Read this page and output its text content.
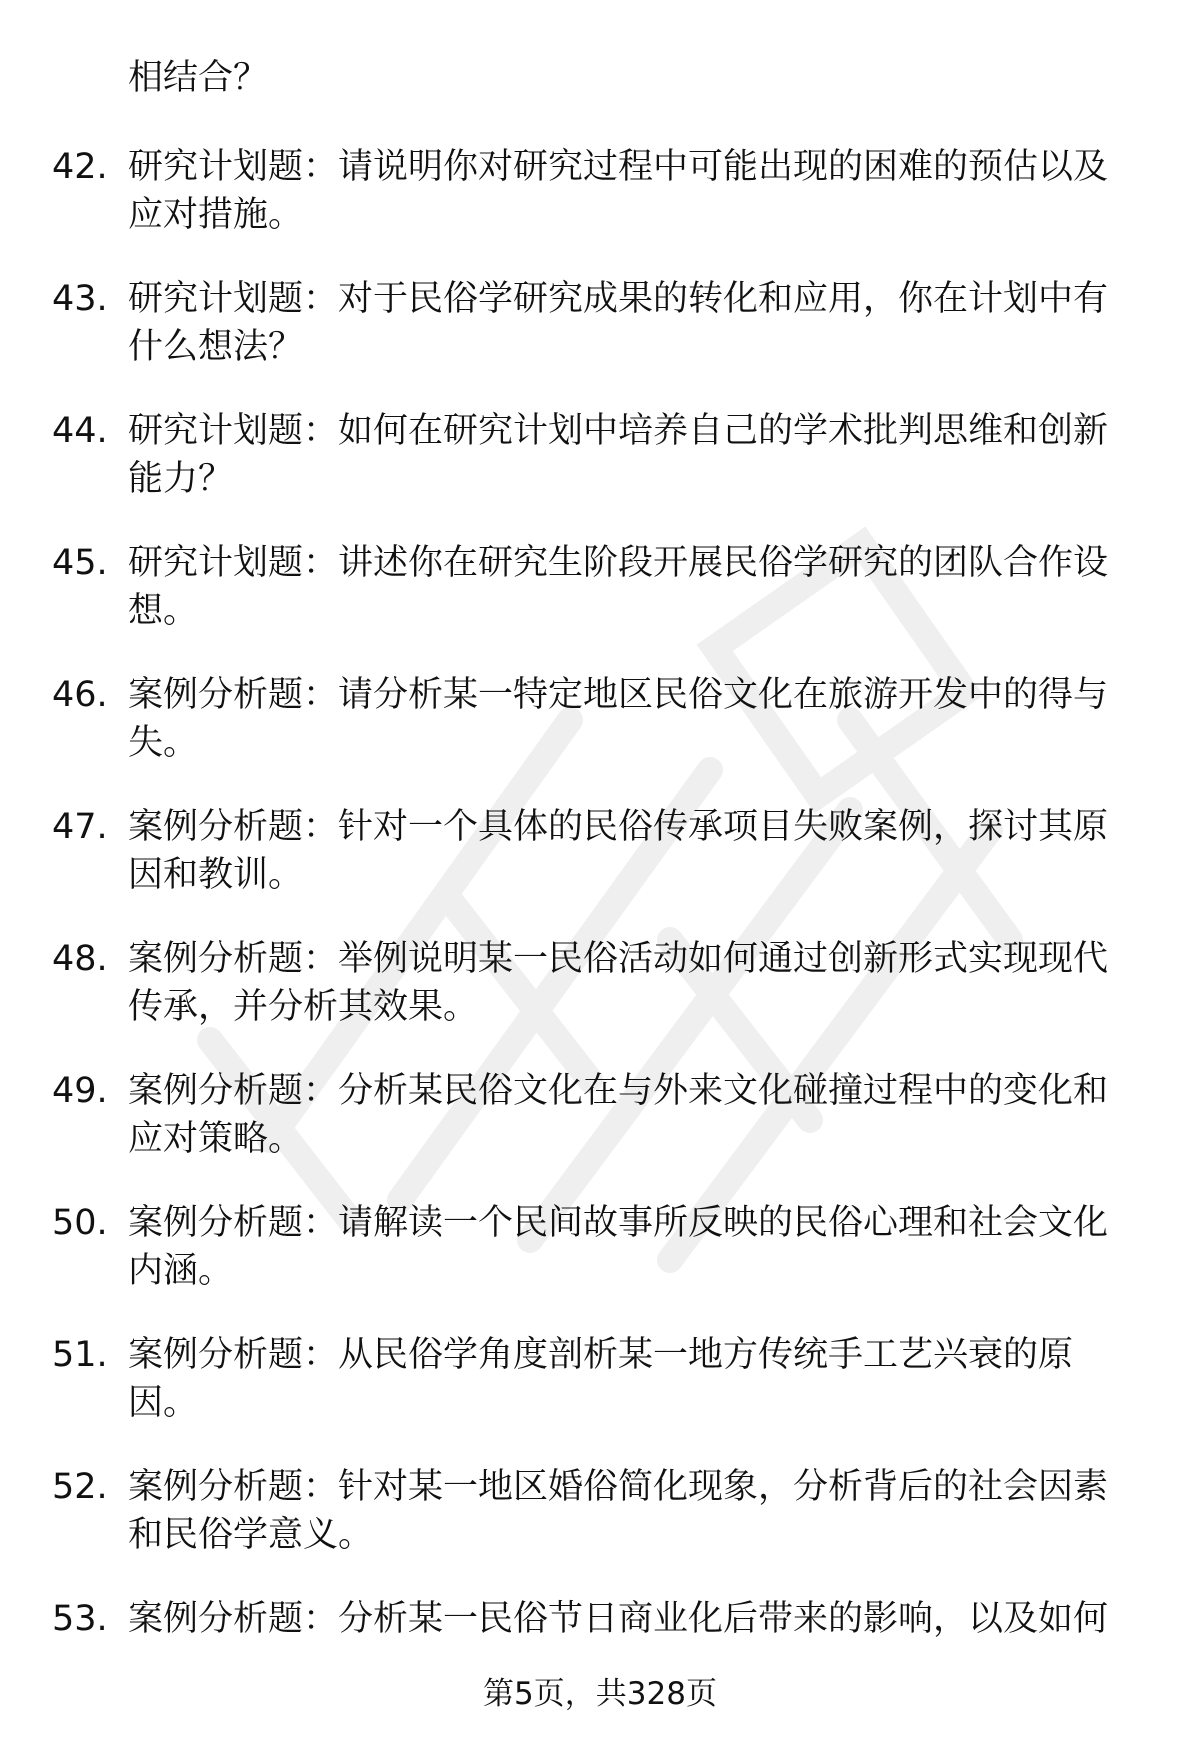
相结合？
42. 研究计划题：请说明你对研究过程中可能出现的困难的预估以及
应对措施。
43. 研究计划题：对于民俗学研究成果的转化和应用，你在计划中有
什么想法？
44. 研究计划题：如何在研究计划中培养自己的学术批判思维和创新
能力？
45. 研究计划题：讲述你在研究生阶段开展民俗学研究的团队合作设
想。
46. 案例分析题：请分析某一特定地区民俗文化在旅游开发中的得与
失。
47. 案例分析题：针对一个具体的民俗传承项目失败案例，探讨其原
因和教训。
48. 案例分析题：举例说明某一民俗活动如何通过创新形式实现现代
传承，并分析其效果。
49. 案例分析题：分析某民俗文化在与外来文化碰撞过程中的变化和
应对策略。
50. 案例分析题：请解读一个民间故事所反映的民俗心理和社会文化
内涵。
51. 案例分析题：从民俗学角度剖析某一地方传统手工艺兴衰的原
因。
52. 案例分析题：针对某一地区婚俗简化现象，分析背后的社会因素
和民俗学意义。
53. 案例分析题：分析某一民俗节日商业化后带来的影响，以及如何
第5页，共328页
